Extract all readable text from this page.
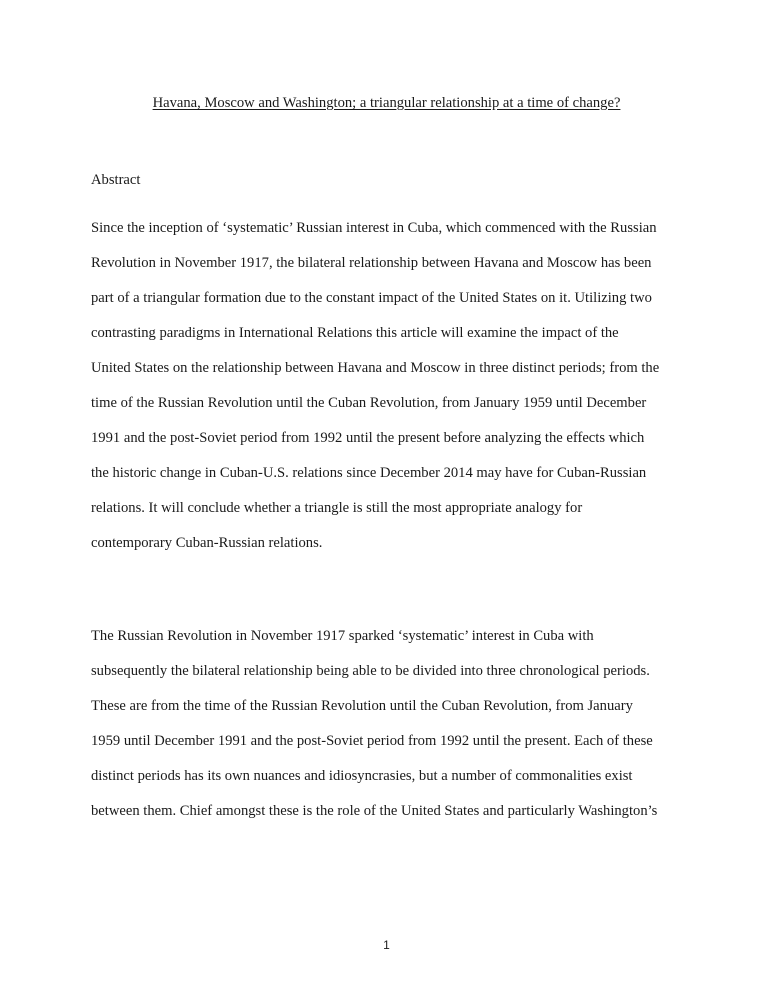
Havana, Moscow and Washington; a triangular relationship at a time of change?
Abstract
Since the inception of ‘systematic’ Russian interest in Cuba, which commenced with the Russian
Revolution in November 1917, the bilateral relationship between Havana and Moscow has been
part of a triangular formation due to the constant impact of the United States on it. Utilizing two
contrasting paradigms in International Relations this article will examine the impact of the
United States on the relationship between Havana and Moscow in three distinct periods; from the
time of the Russian Revolution until the Cuban Revolution, from January 1959 until December
1991 and the post-Soviet period from 1992 until the present before analyzing the effects which
the historic change in Cuban-U.S. relations since December 2014 may have for Cuban-Russian
relations. It will conclude whether a triangle is still the most appropriate analogy for
contemporary Cuban-Russian relations.
The Russian Revolution in November 1917 sparked ‘systematic’ interest in Cuba with
subsequently the bilateral relationship being able to be divided into three chronological periods.
These are from the time of the Russian Revolution until the Cuban Revolution, from January
1959 until December 1991 and the post-Soviet period from 1992 until the present. Each of these
distinct periods has its own nuances and idiosyncrasies, but a number of commonalities exist
between them. Chief amongst these is the role of the United States and particularly Washington’s
1
